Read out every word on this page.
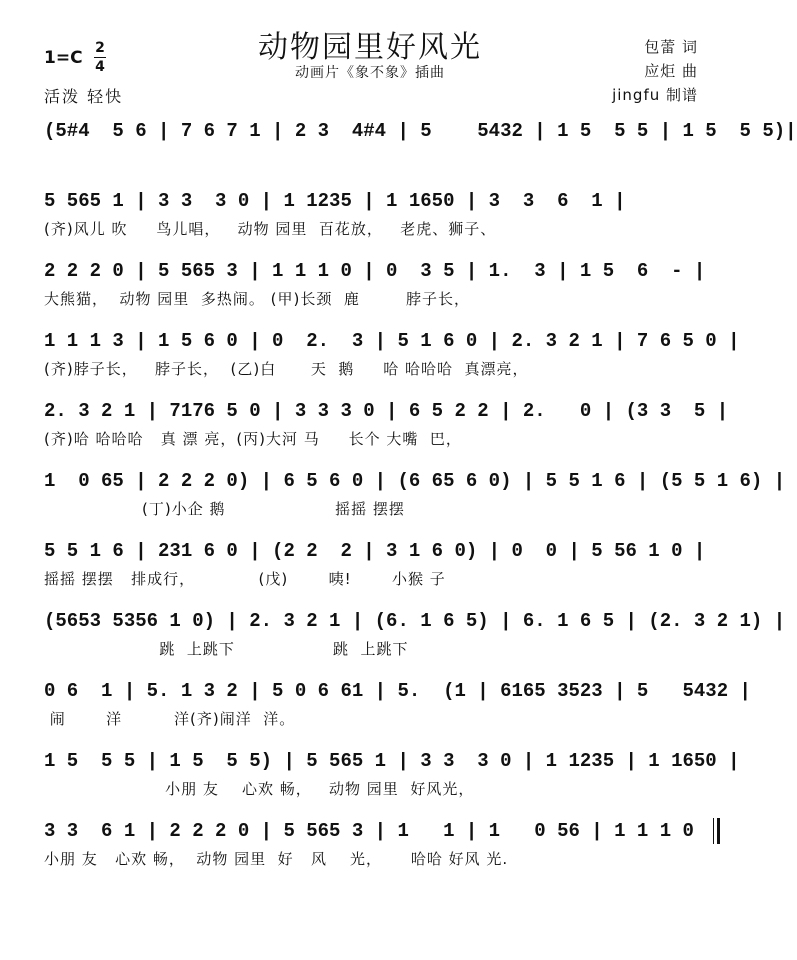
动物园里好风光
动画片《象不象》插曲
1=C 2
4
活泼 轻快
包蕾 词
应炬 曲
jingfu 制谱
(5#4  5 6 | 7 6 7 1 | 2 3  4#4 | 5    5432 | 1 5  5 5 | 1 5  5 5)|
5 565 1 | 3 3  3 0 | 1 1235 | 1 1650 | 3  3  6  1 |
(齐)风儿 吹     鸟儿唱，   动物 园里  百花放，   老虎、狮子、
2 2 2 0 | 5 565 3 | 1 1 1 0 | 0  3 5 | 1.  3 | 1 5  6  - |
大熊猫，  动物 园里  多热闹。 (甲)长颈  鹿        脖子长，
1 1 1 3 | 1 5 6 0 | 0  2.  3 | 5 1 6 0 | 2. 3 2 1 | 7 6 5 0 |
(齐)脖子长，   脖子长，  (乙)白      天  鹅     哈 哈哈哈  真漂亮，
2. 3 2 1 | 7176 5 0 | 3 3 3 0 | 6 5 2 2 | 2.   0 | (3 3  5 |
(齐)哈 哈哈哈   真 漂 亮，(丙)大河 马     长个 大嘴  巴，
1  0 65 | 2 2 2 0) | 6 5 6 0 | (6 65 6 0) | 5 5 1 6 | (5 5 1 6) |
(丁)小企 鹅                   摇摇 摆摆
5 5 1 6 | 231 6 0 | (2 2  2 | 3 1 6 0) | 0  0 | 5 56 1 0 |
摇摇 摆摆   排成行，           (戊)       咦!       小猴 子
(5653 5356 1 0) | 2. 3 2 1 | (6. 1 6 5) | 6. 1 6 5 | (2. 3 2 1) |
跳  上跳下                 跳  上跳下
0 6  1 | 5. 1 3 2 | 5 0 6 61 | 5.  (1 | 6165 3523 | 5   5432 |
闹       洋         洋(齐)闹洋  洋。
1 5  5 5 | 1 5  5 5) | 5 565 1 | 3 3  3 0 | 1 1235 | 1 1650 |
小朋 友    心欢 畅，   动物 园里  好风光，
3 3  6 1 | 2 2 2 0 | 5 565 3 | 1   1 | 1   0 56 | 1 1 1 0
小朋 友   心欢 畅，  动物 园里  好   风    光，     哈哈 好风 光.
